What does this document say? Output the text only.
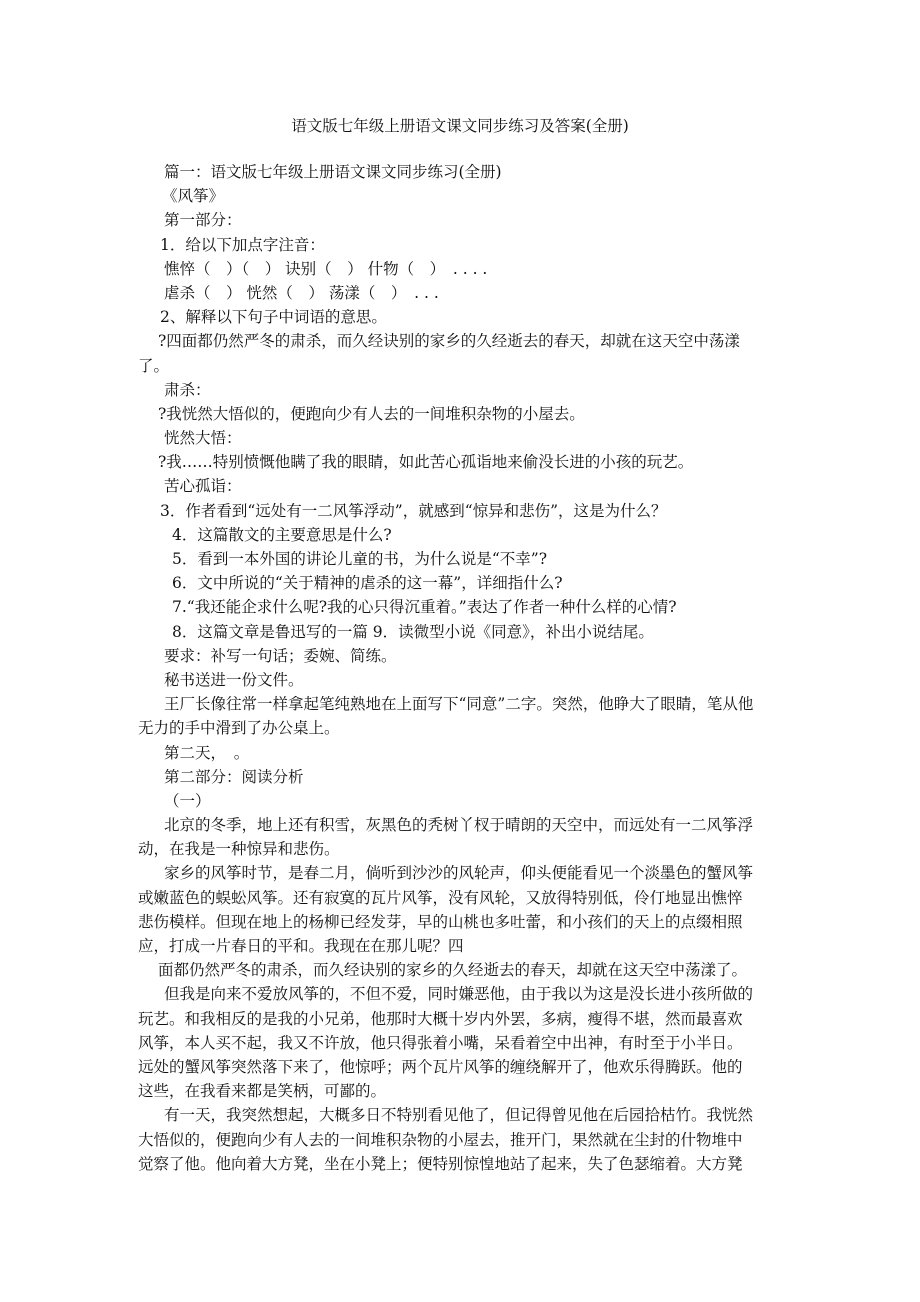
语文版七年级上册语文课文同步练习及答案(全册)
篇一：语文版七年级上册语文课文同步练习(全册)
《风筝》
第一部分：
1．给以下加点字注音：
憔悴（　）（　） 诀别（　） 什物（　）　. . . .
虐杀（　） 恍然（　） 荡漾（　）　. . .
2、解释以下句子中词语的意思。
?四面都仍然严冬的肃杀，而久经诀别的家乡的久经逝去的春天，却就在这天空中荡漾
了。
肃杀：
?我恍然大悟似的，便跑向少有人去的一间堆积杂物的小屋去。
恍然大悟：
?我……特别愤慨他瞒了我的眼睛，如此苦心孤诣地来偷没长进的小孩的玩艺。
苦心孤诣：
3．作者看到“远处有一二风筝浮动”，就感到“惊异和悲伤”，这是为什么？
4．这篇散文的主要意思是什么?
5．看到一本外国的讲论儿童的书，为什么说是“不幸”?
6．文中所说的“关于精神的虐杀的这一幕”，详细指什么?
7.“我还能企求什么呢?我的心只得沉重着。”表达了作者一种什么样的心情?
8．这篇文章是鲁迅写的一篇 9．读微型小说《同意》，补出小说结尾。
要求：补写一句话；委婉、简练。
秘书送进一份文件。
王厂长像往常一样拿起笔纯熟地在上面写下“同意”二字。突然，他睁大了眼睛，笔从他
无力的手中滑到了办公桌上。
第二天，　。
第二部分：阅读分析
（一）
北京的冬季，地上还有积雪，灰黑色的秃树丫杈于晴朗的天空中，而远处有一二风筝浮
动，在我是一种惊异和悲伤。
家乡的风筝时节，是春二月，倘听到沙沙的风轮声，仰头便能看见一个淡墨色的蟹风筝
或嫩蓝色的蜈蚣风筝。还有寂寞的瓦片风筝，没有风轮，又放得特别低，伶仃地显出憔悴
悲伤模样。但现在地上的杨柳已经发芽，早的山桃也多吐蕾，和小孩们的天上的点缀相照
应，打成一片春日的平和。我现在在那儿呢？四
面都仍然严冬的肃杀，而久经诀别的家乡的久经逝去的春天，却就在这天空中荡漾了。
但我是向来不爱放风筝的，不但不爱，同时嫌恶他，由于我以为这是没长进小孩所做的
玩艺。和我相反的是我的小兄弟，他那时大概十岁内外罢，多病，瘦得不堪，然而最喜欢
风筝，本人买不起，我又不许放，他只得张着小嘴，呆看着空中出神，有时至于小半日。
远处的蟹风筝突然落下来了，他惊呼；两个瓦片风筝的缠绕解开了，他欢乐得腾跃。他的
这些，在我看来都是笑柄，可鄙的。
有一天，我突然想起，大概多日不特别看见他了，但记得曾见他在后园拾枯竹。我恍然
大悟似的，便跑向少有人去的一间堆积杂物的小屋去，推开门，果然就在尘封的什物堆中
觉察了他。他向着大方凳，坐在小凳上；便特别惊惶地站了起来，失了色瑟缩着。大方凳
